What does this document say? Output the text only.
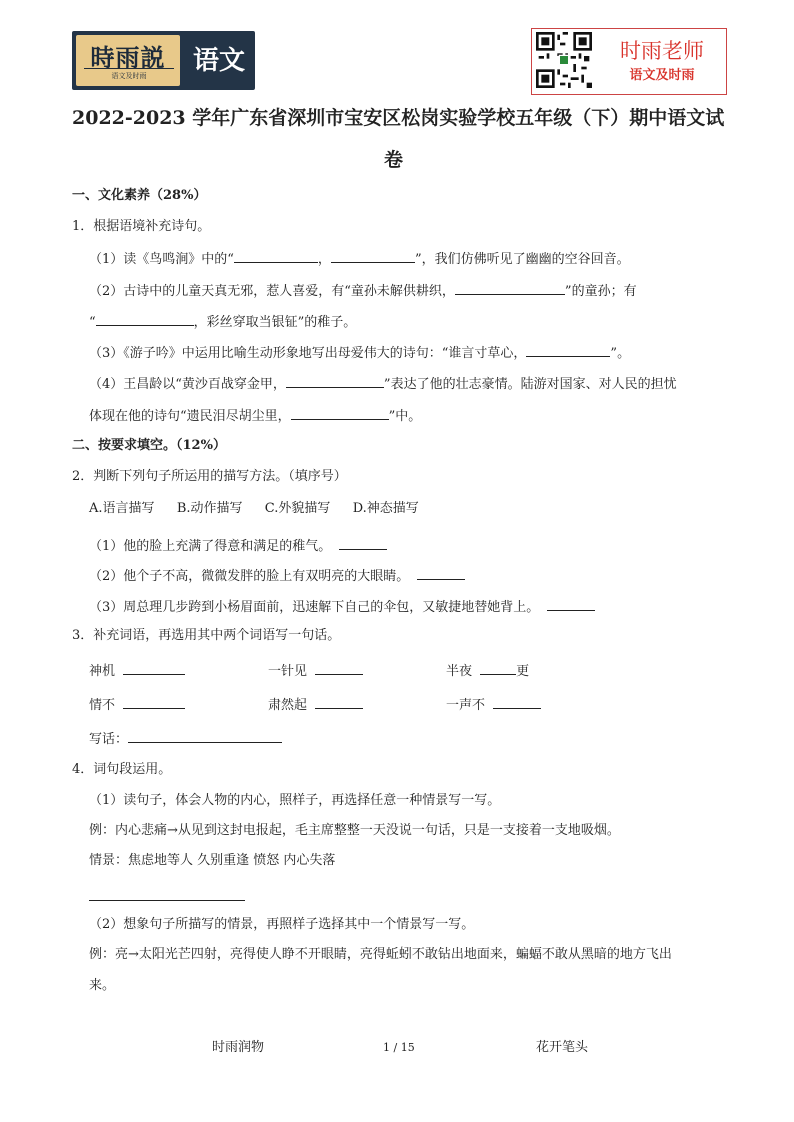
時雨説
语文及时雨	语文	时雨老师
语文及时雨
2022-2023 学年广东省深圳市宝安区松岗实验学校五年级（下）期中语文试
卷
一、文化素养（28%）
1．根据语境补充诗句。
（1）读《鸟鸣涧》中的“	，	”，我们仿佛听见了幽幽的空谷回音。
（2）古诗中的儿童天真无邪，惹人喜爱，有“童孙未解供耕织，	”的童孙；有
“	，彩丝穿取当银钲”的稚子。
（3）《游子吟》中运用比喻生动形象地写出母爱伟大的诗句：“谁言寸草心，	”。
（4）王昌龄以“黄沙百战穿金甲，	”表达了他的壮志豪情。陆游对国家、对人民的担忧
体现在他的诗句“遗民泪尽胡尘里，	”中。
二、按要求填空。（12%）
2．判断下列句子所运用的描写方法。（填序号）
A.语言描写 B.动作描写 C.外貌描写 D.神态描写
（1）他的脸上充满了得意和满足的稚气。
（2）他个子不高，微微发胖的脸上有双明亮的大眼睛。
（3）周总理几步跨到小杨眉面前，迅速解下自己的伞包，又敏捷地替她背上。
3．补充词语，再选用其中两个词语写一句话。
神机	一针见	半夜	更
情不	肃然起	一声不
写话：
4．词句段运用。
（1）读句子，体会人物的内心，照样子，再选择任意一种情景写一写。
例：内心悲痛→从见到这封电报起，毛主席整整一天没说一句话，只是一支接着一支地吸烟。
情景：焦虑地等人 久别重逢 愤怒 内心失落
（2）想象句子所描写的情景，再照样子选择其中一个情景写一写。
例：亮→太阳光芒四射，亮得使人睁不开眼睛，亮得蚯蚓不敢钻出地面来，蝙蝠不敢从黑暗的地方飞出
来。
时雨润物	1 / 15	花开笔头
